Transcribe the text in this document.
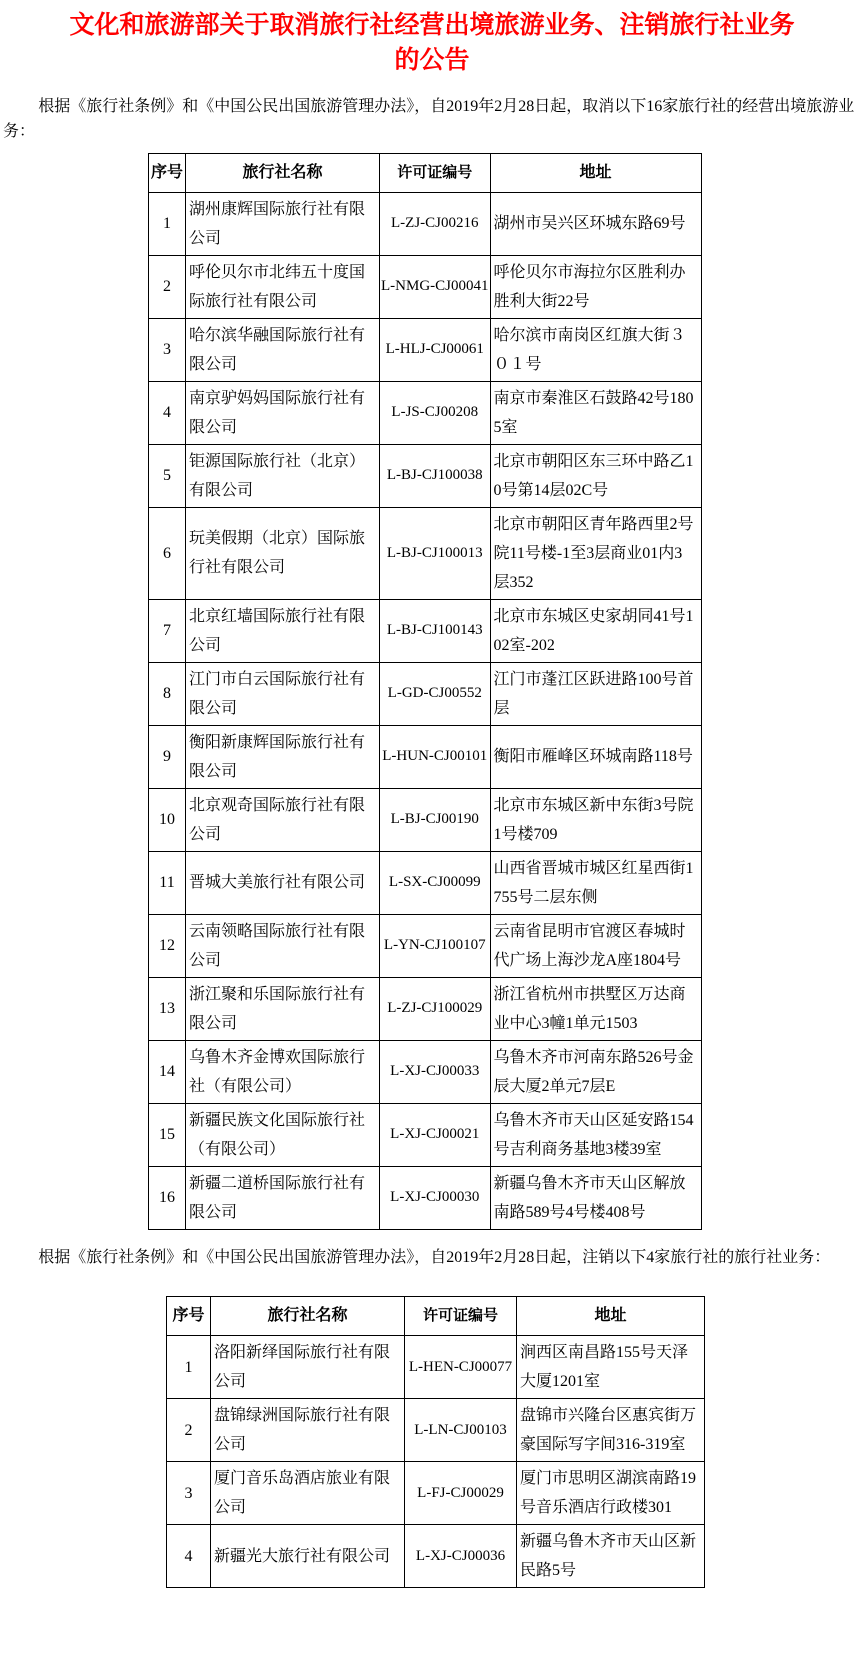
文化和旅游部关于取消旅行社经营出境旅游业务、注销旅行社业务的公告

根据《旅行社条例》和《中国公民出国旅游管理办法》，自2019年2月28日起，取消以下16家旅行社的经营出境旅游业务：

序号	旅行社名称	许可证编号	地址
1	湖州康辉国际旅行社有限公司	L-ZJ-CJ00216	湖州市吴兴区环城东路69号
2	呼伦贝尔市北纬五十度国际旅行社有限公司	L-NMG-CJ00041	呼伦贝尔市海拉尔区胜利办胜利大街22号
3	哈尔滨华融国际旅行社有限公司	L-HLJ-CJ00061	哈尔滨市南岗区红旗大街３０１号
4	南京驴妈妈国际旅行社有限公司	L-JS-CJ00208	南京市秦淮区石鼓路42号1805室
5	钜源国际旅行社（北京）有限公司	L-BJ-CJ100038	北京市朝阳区东三环中路乙10号第14层02C号
6	玩美假期（北京）国际旅行社有限公司	L-BJ-CJ100013	北京市朝阳区青年路西里2号院11号楼-1至3层商业01内3层352
7	北京红墙国际旅行社有限公司	L-BJ-CJ100143	北京市东城区史家胡同41号102室-202
8	江门市白云国际旅行社有限公司	L-GD-CJ00552	江门市蓬江区跃进路100号首层
9	衡阳新康辉国际旅行社有限公司	L-HUN-CJ00101	衡阳市雁峰区环城南路118号
10	北京观奇国际旅行社有限公司	L-BJ-CJ00190	北京市东城区新中东街3号院1号楼709
11	晋城大美旅行社有限公司	L-SX-CJ00099	山西省晋城市城区红星西街1755号二层东侧
12	云南领略国际旅行社有限公司	L-YN-CJ100107	云南省昆明市官渡区春城时代广场上海沙龙A座1804号
13	浙江聚和乐国际旅行社有限公司	L-ZJ-CJ100029	浙江省杭州市拱墅区万达商业中心3幢1单元1503
14	乌鲁木齐金博欢国际旅行社（有限公司）	L-XJ-CJ00033	乌鲁木齐市河南东路526号金辰大厦2单元7层E
15	新疆民族文化国际旅行社（有限公司）	L-XJ-CJ00021	乌鲁木齐市天山区延安路154号吉利商务基地3楼39室
16	新疆二道桥国际旅行社有限公司	L-XJ-CJ00030	新疆乌鲁木齐市天山区解放南路589号4号楼408号

根据《旅行社条例》和《中国公民出国旅游管理办法》，自2019年2月28日起，注销以下4家旅行社的旅行社业务：

序号	旅行社名称	许可证编号	地址
1	洛阳新绎国际旅行社有限公司	L-HEN-CJ00077	涧西区南昌路155号天泽大厦1201室
2	盘锦绿洲国际旅行社有限公司	L-LN-CJ00103	盘锦市兴隆台区惠宾街万豪国际写字间316-319室
3	厦门音乐岛酒店旅业有限公司	L-FJ-CJ00029	厦门市思明区湖滨南路19号音乐酒店行政楼301
4	新疆光大旅行社有限公司	L-XJ-CJ00036	新疆乌鲁木齐市天山区新民路5号
